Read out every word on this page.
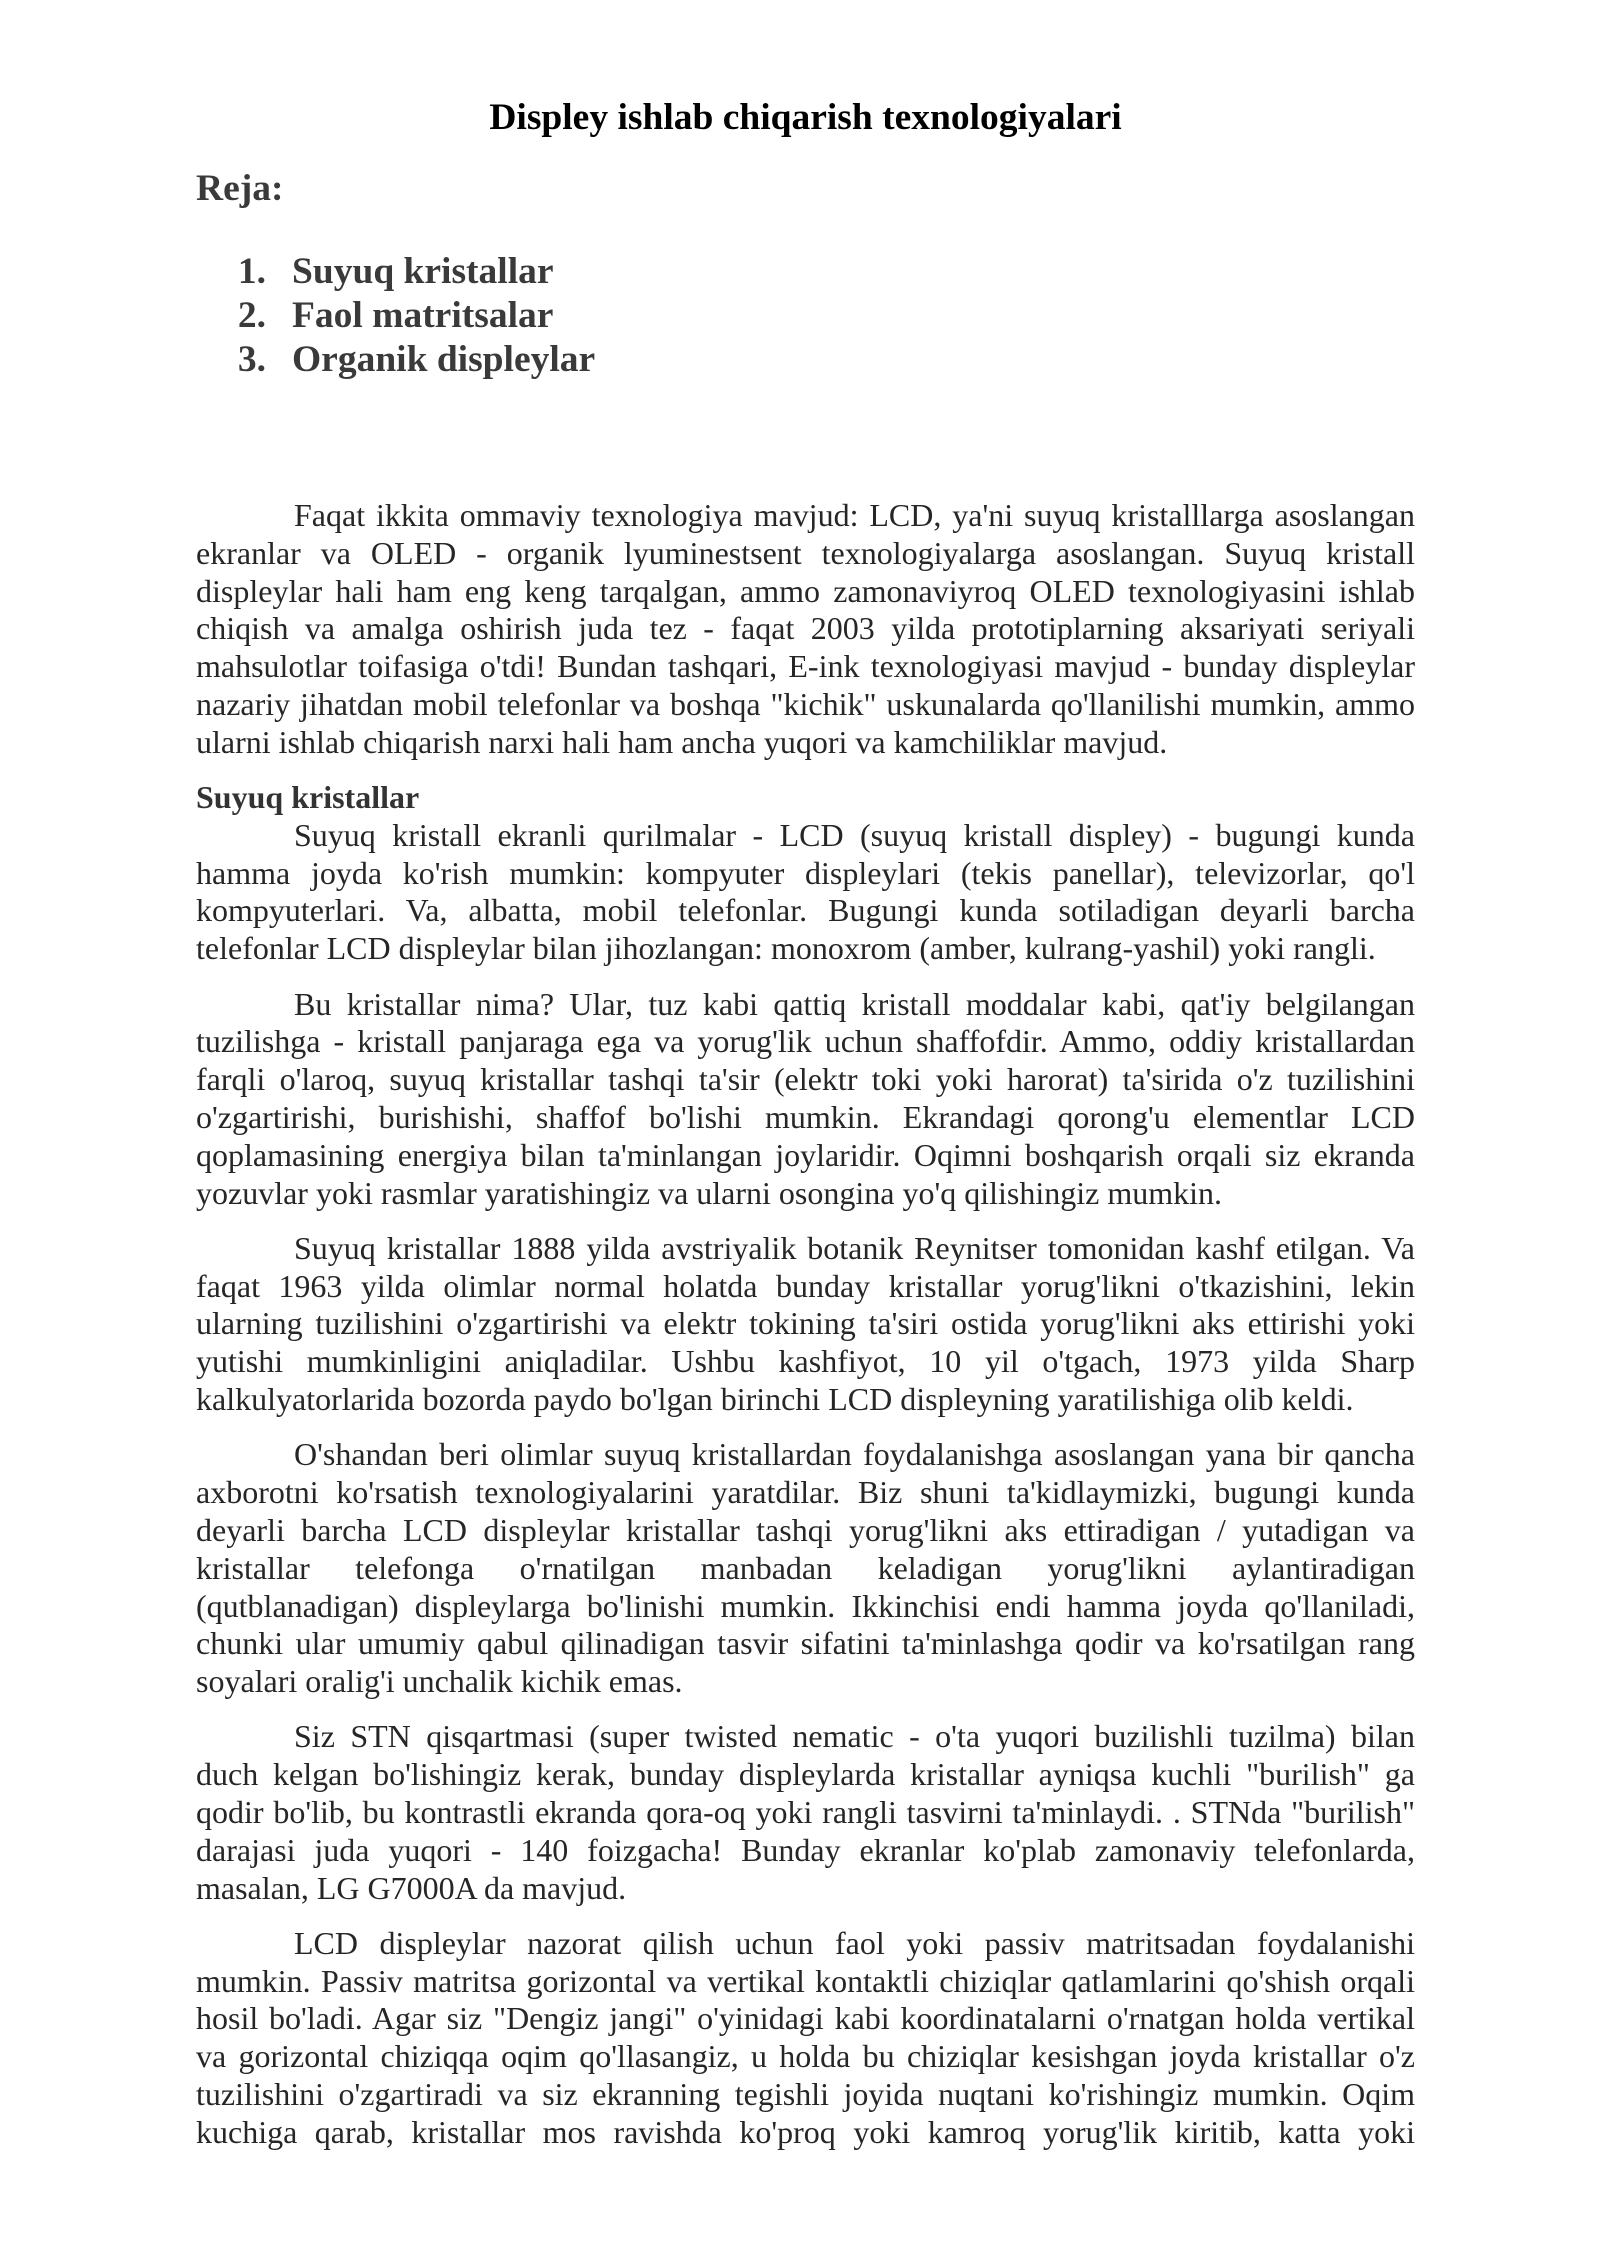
Displey ishlab chiqarish texnologiyalari
Reja:
1. Suyuq kristallar
2. Faol matritsalar
3. Organik displeylar
Faqat ikkita ommaviy texnologiya mavjud: LCD, ya'ni suyuq kristalllarga asoslangan
ekranlar va OLED - organik lyuminestsent texnologiyalarga asoslangan. Suyuq kristall
displeylar hali ham eng keng tarqalgan, ammo zamonaviyroq OLED texnologiyasini ishlab
chiqish va amalga oshirish juda tez - faqat 2003 yilda prototiplarning aksariyati seriyali
mahsulotlar toifasiga o'tdi! Bundan tashqari, E-ink texnologiyasi mavjud - bunday displeylar
nazariy jihatdan mobil telefonlar va boshqa "kichik" uskunalarda qo'llanilishi mumkin, ammo
ularni ishlab chiqarish narxi hali ham ancha yuqori va kamchiliklar mavjud.
Suyuq kristallar
Suyuq kristall ekranli qurilmalar - LCD (suyuq kristall displey) - bugungi kunda
hamma joyda ko'rish mumkin: kompyuter displeylari (tekis panellar), televizorlar, qo'l
kompyuterlari. Va, albatta, mobil telefonlar. Bugungi kunda sotiladigan deyarli barcha
telefonlar LCD displeylar bilan jihozlangan: monoxrom (amber, kulrang-yashil) yoki rangli.
Bu kristallar nima? Ular, tuz kabi qattiq kristall moddalar kabi, qat'iy belgilangan
tuzilishga - kristall panjaraga ega va yorug'lik uchun shaffofdir. Ammo, oddiy kristallardan
farqli o'laroq, suyuq kristallar tashqi ta'sir (elektr toki yoki harorat) ta'sirida o'z tuzilishini
o'zgartirishi, burishishi, shaffof bo'lishi mumkin. Ekrandagi qorong'u elementlar LCD
qoplamasining energiya bilan ta'minlangan joylaridir. Oqimni boshqarish orqali siz ekranda
yozuvlar yoki rasmlar yaratishingiz va ularni osongina yo'q qilishingiz mumkin.
Suyuq kristallar 1888 yilda avstriyalik botanik Reynitser tomonidan kashf etilgan. Va
faqat 1963 yilda olimlar normal holatda bunday kristallar yorug'likni o'tkazishini, lekin
ularning tuzilishini o'zgartirishi va elektr tokining ta'siri ostida yorug'likni aks ettirishi yoki
yutishi mumkinligini aniqladilar. Ushbu kashfiyot, 10 yil o'tgach, 1973 yilda Sharp
kalkulyatorlarida bozorda paydo bo'lgan birinchi LCD displeyning yaratilishiga olib keldi.
O'shandan beri olimlar suyuq kristallardan foydalanishga asoslangan yana bir qancha
axborotni ko'rsatish texnologiyalarini yaratdilar. Biz shuni ta'kidlaymizki, bugungi kunda
deyarli barcha LCD displeylar kristallar tashqi yorug'likni aks ettiradigan / yutadigan va
kristallar telefonga o'rnatilgan manbadan keladigan yorug'likni aylantiradigan
(qutblanadigan) displeylarga bo'linishi mumkin. Ikkinchisi endi hamma joyda qo'llaniladi,
chunki ular umumiy qabul qilinadigan tasvir sifatini ta'minlashga qodir va ko'rsatilgan rang
soyalari oralig'i unchalik kichik emas.
Siz STN qisqartmasi (super twisted nematic - o'ta yuqori buzilishli tuzilma) bilan
duch kelgan bo'lishingiz kerak, bunday displeylarda kristallar ayniqsa kuchli "burilish" ga
qodir bo'lib, bu kontrastli ekranda qora-oq yoki rangli tasvirni ta'minlaydi. . STNda "burilish"
darajasi juda yuqori - 140 foizgacha! Bunday ekranlar ko'plab zamonaviy telefonlarda,
masalan, LG G7000A da mavjud.
LCD displeylar nazorat qilish uchun faol yoki passiv matritsadan foydalanishi
mumkin. Passiv matritsa gorizontal va vertikal kontaktli chiziqlar qatlamlarini qo'shish orqali
hosil bo'ladi. Agar siz "Dengiz jangi" o'yinidagi kabi koordinatalarni o'rnatgan holda vertikal
va gorizontal chiziqqa oqim qo'llasangiz, u holda bu chiziqlar kesishgan joyda kristallar o'z
tuzilishini o'zgartiradi va siz ekranning tegishli joyida nuqtani ko'rishingiz mumkin. Oqim
kuchiga qarab, kristallar mos ravishda ko'proq yoki kamroq yorug'lik kiritib, katta yoki
